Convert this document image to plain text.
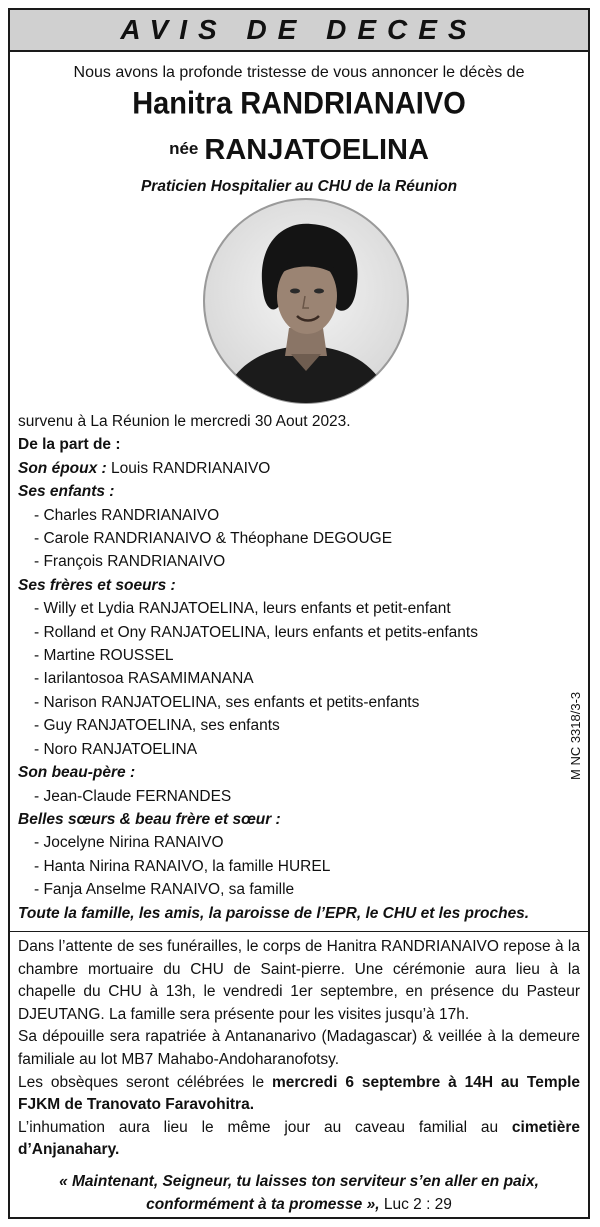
AVIS DE DECES
Nous avons la profonde tristesse de vous annoncer le décès de
Hanitra RANDRIANAIVO
née RANJATOELINA
Praticien Hospitalier au CHU de la Réunion
survenu à La Réunion le mercredi 30 Aout 2023.
De la part de :
Son époux : Louis RANDRIANAIVO
Ses enfants :
- Charles RANDRIANAIVO
- Carole RANDRIANAIVO & Théophane DEGOUGE
- François RANDRIANAIVO
Ses frères et soeurs :
- Willy et Lydia RANJATOELINA, leurs enfants et petit-enfant
- Rolland et Ony RANJATOELINA, leurs enfants et petits-enfants
- Martine ROUSSEL
- Iarilantosoa RASAMIMANANA
- Narison RANJATOELINA, ses enfants et petits-enfants
- Guy RANJATOELINA, ses enfants
- Noro RANJATOELINA
Son beau-père :
- Jean-Claude FERNANDES
Belles sœurs & beau frère et sœur :
- Jocelyne Nirina RANAIVO
- Hanta Nirina RANAIVO, la famille HUREL
- Fanja Anselme RANAIVO, sa famille
Toute la famille, les amis, la paroisse de l’EPR, le CHU et les proches.
Dans l’attente de ses funérailles, le corps de Hanitra RANDRIANAIVO repose à la chambre mortuaire du CHU de Saint-pierre. Une cérémonie aura lieu à la chapelle du CHU à 13h, le vendredi 1er septembre, en présence du Pasteur DJEUTANG. La famille sera présente pour les visites jusqu’à 17h.
Sa dépouille sera rapatriée à Antananarivo (Madagascar) & veillée à la demeure familiale au lot MB7 Mahabo-Andoharanofotsy.
Les obsèques seront célébrées le mercredi 6 septembre à 14H au Temple FJKM de Tranovato Faravohitra.
L’inhumation aura lieu le même jour au caveau familial au cimetière d’Anjanahary.
« Maintenant, Seigneur, tu laisses ton serviteur s’en aller en paix,
conformément à ta promesse », Luc 2 : 29
M NC 3318/3-3
